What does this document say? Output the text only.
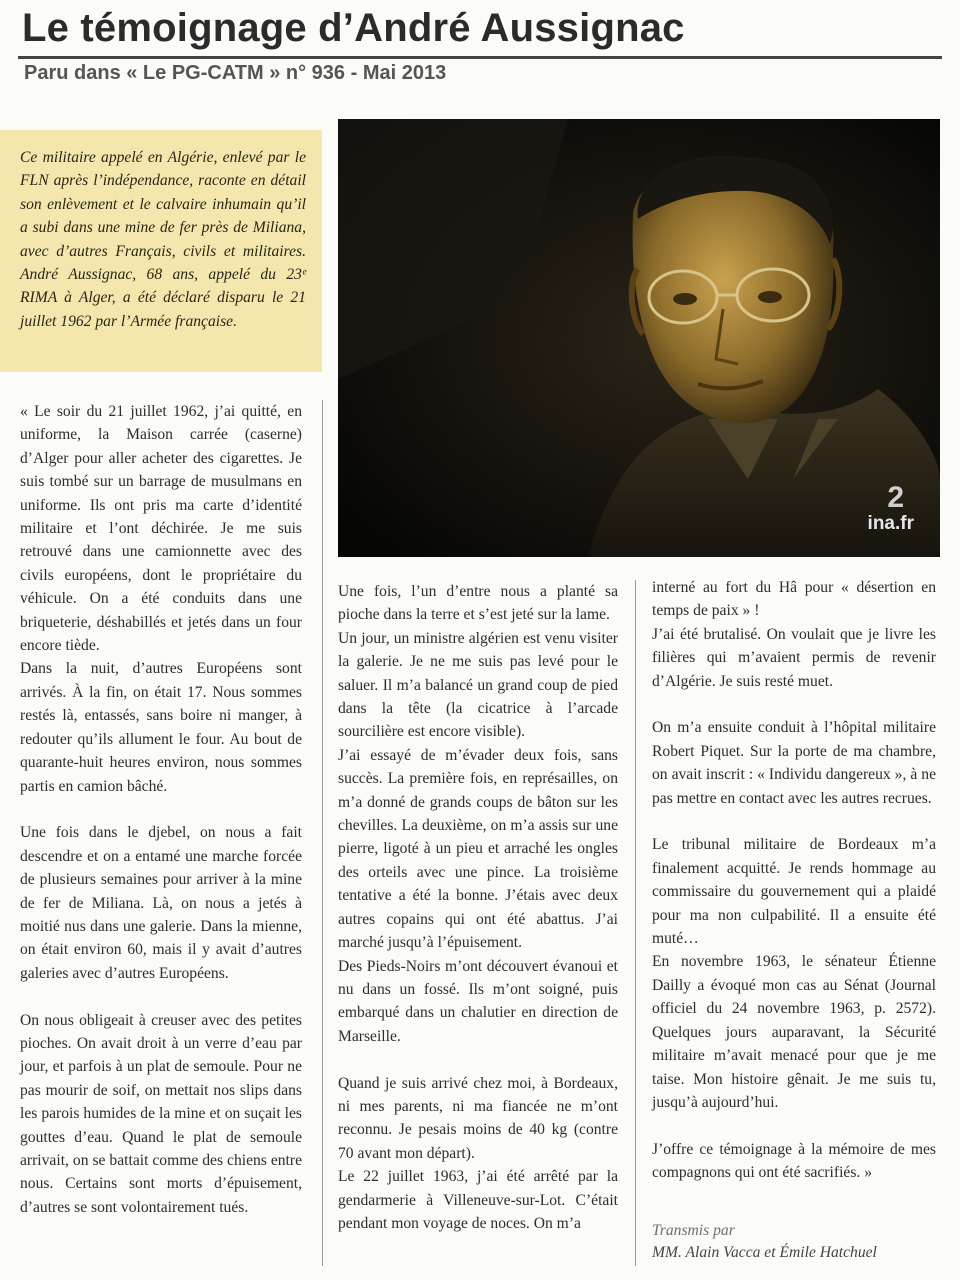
Le témoignage d’André Aussignac
Paru dans « Le PG-CATM » n° 936 - Mai 2013
Ce militaire appelé en Algérie, enlevé par le FLN après l’indépendance, raconte en détail son enlèvement et le calvaire inhumain qu’il a subi dans une mine de fer près de Miliana, avec d’autres Français, civils et militaires. André Aussignac, 68 ans, appelé du 23ᵉ RIMA à Alger, a été déclaré disparu le 21 juillet 1962 par l’Armée française.
2
ina.fr

« Le soir du 21 juillet 1962, j’ai quitté, en uniforme, la Maison carrée (caserne) d’Alger pour aller acheter des cigarettes. Je suis tombé sur un barrage de musulmans en uniforme. Ils ont pris ma carte d’identité militaire et l’ont déchirée. Je me suis retrouvé dans une camionnette avec des civils européens, dont le propriétaire du véhicule. On a été conduits dans une briqueterie, déshabillés et jetés dans un four encore tiède.

Dans la nuit, d’autres Européens sont arrivés. À la fin, on était 17. Nous sommes restés là, entassés, sans boire ni manger, à redouter qu’ils allument le four. Au bout de quarante-huit heures environ, nous sommes partis en camion bâché.

Une fois dans le djebel, on nous a fait descendre et on a entamé une marche forcée de plusieurs semaines pour arriver à la mine de fer de Miliana. Là, on nous a jetés à moitié nus dans une galerie. Dans la mienne, on était environ 60, mais il y avait d’autres galeries avec d’autres Européens.

On nous obligeait à creuser avec des petites pioches. On avait droit à un verre d’eau par jour, et parfois à un plat de semoule. Pour ne pas mourir de soif, on mettait nos slips dans les parois humides de la mine et on suçait les gouttes d’eau. Quand le plat de semoule arrivait, on se battait comme des chiens entre nous. Certains sont morts d’épuisement, d’autres se sont volontairement tués.

Une fois, l’un d’entre nous a planté sa pioche dans la terre et s’est jeté sur la lame.

Un jour, un ministre algérien est venu visiter la galerie. Je ne me suis pas levé pour le saluer. Il m’a balancé un grand coup de pied dans la tête (la cicatrice à l’arcade sourcilière est encore visible).

J’ai essayé de m’évader deux fois, sans succès. La première fois, en représailles, on m’a donné de grands coups de bâton sur les chevilles. La deuxième, on m’a assis sur une pierre, ligoté à un pieu et arraché les ongles des orteils avec une pince. La troisième tentative a été la bonne. J’étais avec deux autres copains qui ont été abattus. J’ai marché jusqu’à l’épuisement.

Des Pieds-Noirs m’ont découvert évanoui et nu dans un fossé. Ils m’ont soigné, puis embarqué dans un chalutier en direction de Marseille.

Quand je suis arrivé chez moi, à Bordeaux, ni mes parents, ni ma fiancée ne m’ont reconnu. Je pesais moins de 40 kg (contre 70 avant mon départ).

Le 22 juillet 1963, j’ai été arrêté par la gendarmerie à Villeneuve-sur-Lot. C’était pendant mon voyage de noces. On m’a

interné au fort du Hâ pour « désertion en temps de paix » !

J’ai été brutalisé. On voulait que je livre les filières qui m’avaient permis de revenir d’Algérie. Je suis resté muet.

On m’a ensuite conduit à l’hôpital militaire Robert Piquet. Sur la porte de ma chambre, on avait inscrit : « Individu dangereux », à ne pas mettre en contact avec les autres recrues.

Le tribunal militaire de Bordeaux m’a finalement acquitté. Je rends hommage au commissaire du gouvernement qui a plaidé pour ma non culpabilité. Il a ensuite été muté…

En novembre 1963, le sénateur Étienne Dailly a évoqué mon cas au Sénat (Journal officiel du 24 novembre 1963, p. 2572). Quelques jours auparavant, la Sécurité militaire m’avait menacé pour que je me taise. Mon histoire gênait. Je me suis tu, jusqu’à aujourd’hui.

J’offre ce témoignage à la mémoire de mes compagnons qui ont été sacrifiés. »

Transmis par
MM. Alain Vacca et Émile Hatchuel
